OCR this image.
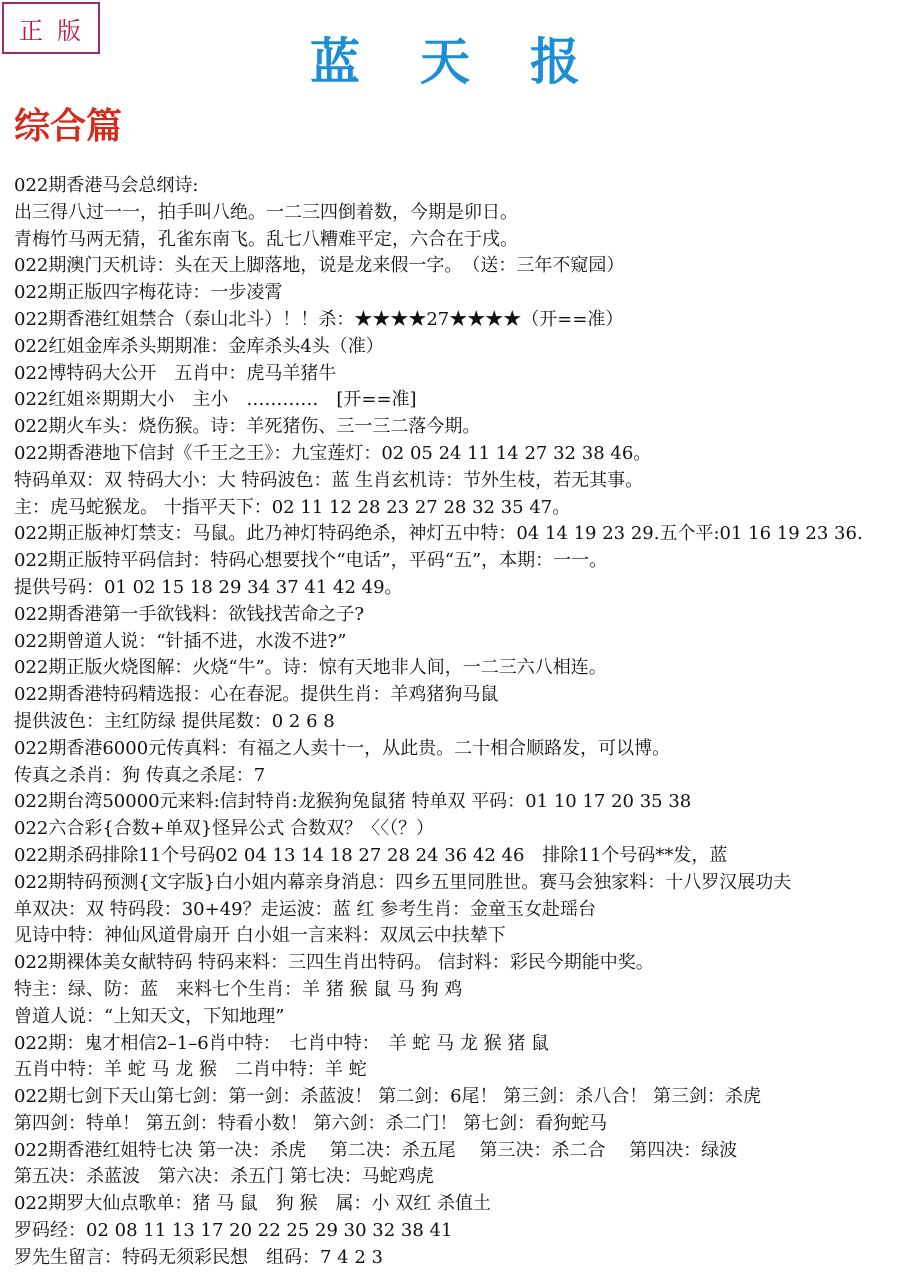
正版
蓝天报
综合篇
022期香港马会总纲诗:
出三得八过一一，拍手叫八绝。一二三四倒着数，今期是卯日。
青梅竹马两无猜，孔雀东南飞。乱七八糟难平定，六合在于戌。
022期澳门天机诗：头在天上脚落地，说是龙来假一字。　（送：三年不窥园）
022期正版四字梅花诗：一步凌霄
022期香港红姐禁合（泰山北斗）！！杀：★★★★27★★★★（开==准）
022红姐金库杀头期期准：金库杀头4头（准）
022博特码大公开　五肖中：虎马羊猪牛
022红姐※期期大小　主小　…………　[开==准]
022期火车头：烧伤猴。诗：羊死猪伤、三一三二落今期。
022期香港地下信封《千王之王》：九宝莲灯：02 05 24 11 14 27 32 38 46。
特码单双：双 特码大小：大 特码波色：蓝 生肖玄机诗：节外生枝，若无其事。
主：虎马蛇猴龙。 十指平天下：02 11 12 28 23 27 28 32 35 47。
022期正版神灯禁支：马鼠。此乃神灯特码绝杀，神灯五中特：04 14 19 23 29.五个平:01 16 19 23 36.
022期正版特平码信封：特码心想要找个“电话”，平码“五”，本期：一一。
提供号码：01 02 15 18 29 34 37 41 42 49。
022期香港第一手欲钱料：欲钱找苦命之子?
022期曾道人说：“针插不进，水泼不进?”
022期正版火烧图解：火烧“牛”。诗：惊有天地非人间，一二三六八相连。
022期香港特码精选报：心在春泥。提供生肖：羊鸡猪狗马鼠
提供波色：主红防绿 提供尾数：0 2 6 8
022期香港6000元传真料：有福之人卖十一，从此贵。二十相合顺路发，可以博。
传真之杀肖：狗 传真之杀尾：7
022期台湾50000元来料:信封特肖:龙猴狗兔鼠猪 特单双 平码：01 10 17 20 35 38
022六合彩{合数+单双}怪异公式 合数双？〈〈（？）
022期杀码排除11个号码02 04 13 14 18 27 28 24 36 42 46　排除11个号码**发，蓝
022期特码预测{文字版}白小姐内幕亲身消息：四乡五里同胜世。赛马会独家料：十八罗汉展功夫
单双决：双 特码段：30+49？走运波：蓝 红 参考生肖：金童玉女赴瑶台
见诗中特：神仙风道骨扇开 白小姐一言来料：双凤云中扶辇下
022期裸体美女献特码 特码来料：三四生肖出特码。 信封料：彩民今期能中奖。
特主：绿、防：蓝　来料七个生肖：羊 猪 猴 鼠 马 狗 鸡
曾道人说：“上知天文，下知地理”
022期：鬼才相信2–1–6肖中特：　七肖中特：　羊 蛇 马 龙 猴 猪 鼠
五肖中特：羊 蛇 马 龙 猴　二肖中特：羊 蛇
022期七剑下天山第七剑：第一剑：杀蓝波！ 第二剑：6尾！ 第三剑：杀八合！ 第三剑：杀虎
第四剑：特单！ 第五剑：特看小数！ 第六剑：杀二门！ 第七剑：看狗蛇马
022期香港红姐特七决 第一决：杀虎　 第二决：杀五尾　 第三决：杀二合　 第四决：绿波
第五决：杀蓝波　第六决：杀五门 第七决：马蛇鸡虎
022期罗大仙点歌单：猪 马 鼠　狗 猴　属：小 双红 杀值土
罗码经：02 08 11 13 17 20 22 25 29 30 32 38 41
罗先生留言：特码无须彩民想　组码：7 4 2 3
